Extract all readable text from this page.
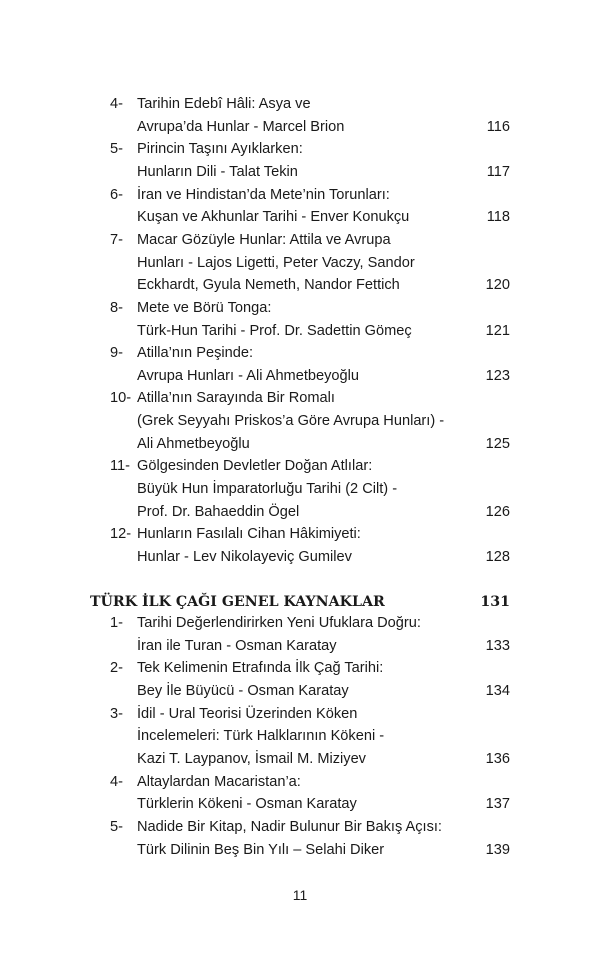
4- Tarihin Edebî Hâli: Asya ve
Avrupa’da Hunlar - Marcel Brion	116
5- Pirincin Taşını Ayıklarken:
Hunların Dili - Talat Tekin	117
6- İran ve Hindistan’da Mete’nin Torunları:
Kuşan ve Akhunlar Tarihi - Enver Konukçu	118
7- Macar Gözüyle Hunlar: Attila ve Avrupa
Hunları - Lajos Ligetti, Peter Vaczy, Sandor
Eckhardt, Gyula Nemeth, Nandor Fettich	120
8- Mete ve Börü Tonga:
Türk-Hun Tarihi - Prof. Dr. Sadettin Gömeç	121
9- Atilla’nın Peşinde:
Avrupa Hunları - Ali Ahmetbeyoğlu	123
10- Atilla’nın Sarayında Bir Romalı
(Grek Seyyahı Priskos’a Göre Avrupa Hunları) -
Ali Ahmetbeyoğlu	125
11- Gölgesinden Devletler Doğan Atlılar:
Büyük Hun İmparatorluğu Tarihi (2 Cilt) -
Prof. Dr. Bahaeddin Ögel	126
12- Hunların Fasılalı Cihan Hâkimiyeti:
Hunlar - Lev Nikolayeviç Gumilev	128
TÜRK İLK ÇAĞI GENEL KAYNAKLAR	131
1- Tarihi Değerlendirirken Yeni Ufuklara Doğru:
İran ile Turan - Osman Karatay	133
2- Tek Kelimenin Etrafında İlk Çağ Tarihi:
Bey İle Büyücü - Osman Karatay	134
3- İdil - Ural Teorisi Üzerinden Köken
İncelemeleri: Türk Halklarının Kökeni -
Kazi T. Laypanov, İsmail M. Miziyev	136
4- Altaylardan Macaristan’a:
Türklerin Kökeni - Osman Karatay	137
5- Nadide Bir Kitap, Nadir Bulunur Bir Bakış Açısı:
Türk Dilinin Beş Bin Yılı – Selahi Diker	139
11
